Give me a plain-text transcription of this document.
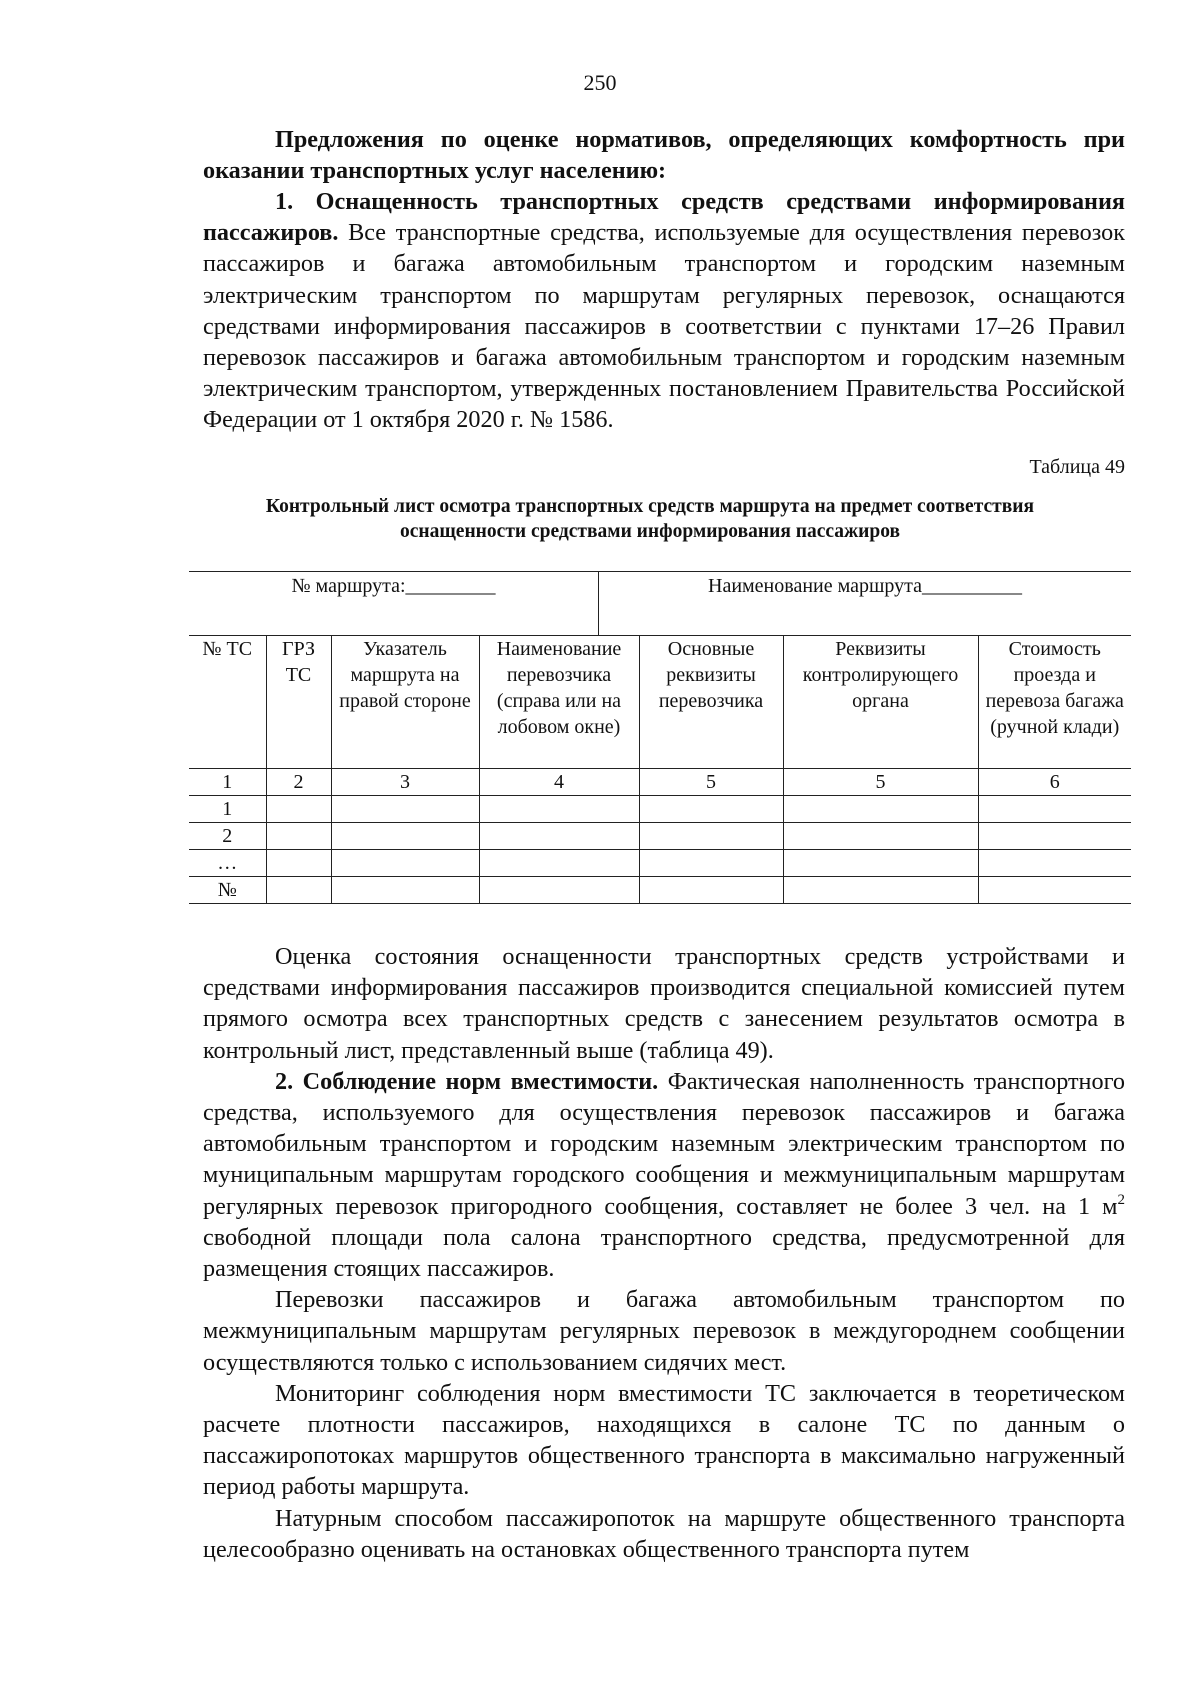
250

Предложения по оценке нормативов, определяющих комфортность при оказании транспортных услуг населению:

1. Оснащенность транспортных средств средствами информирования пассажиров. Все транспортные средства, используемые для осуществления перевозок пассажиров и багажа автомобильным транспортом и городским наземным электрическим транспортом по маршрутам регулярных перевозок, оснащаются средствами информирования пассажиров в соответствии с пунктами 17–26 Правил перевозок пассажиров и багажа автомобильным транспортом и городским наземным электрическим транспортом, утвержденных постановлением Правительства Российской Федерации от 1 октября 2020 г. № 1586.

Таблица 49
Контрольный лист осмотра транспортных средств маршрута на предмет соответствия
оснащенности средствами информирования пассажиров
№ маршрута:_________	Наименование маршрута__________
№ ТС	ГРЗ ТС	Указатель маршрута на правой стороне	Наименование перевозчика (справа или на лобовом окне)	Основные реквизиты перевозчика	Реквизиты контролирующего органа	Стоимость проезда и перевоза багажа (ручной клади)
1	2	3	4	5	5	6
1						
2						
…						
№						

Оценка состояния оснащенности транспортных средств устройствами и средствами информирования пассажиров производится специальной комиссией путем прямого осмотра всех транспортных средств с занесением результатов осмотра в контрольный лист, представленный выше (таблица 49).

2. Соблюдение норм вместимости. Фактическая наполненность транспортного средства, используемого для осуществления перевозок пассажиров и багажа автомобильным транспортом и городским наземным электрическим транспортом по муниципальным маршрутам городского сообщения и межмуниципальным маршрутам регулярных перевозок пригородного сообщения, составляет не более 3 чел. на 1 $м^2$ свободной площади пола салона транспортного средства, предусмотренной для размещения стоящих пассажиров.

Перевозки пассажиров и багажа автомобильным транспортом по межмуниципальным маршрутам регулярных перевозок в междугороднем сообщении осуществляются только с использованием сидячих мест.

Мониторинг соблюдения норм вместимости ТС заключается в теоретическом расчете плотности пассажиров, находящихся в салоне ТС по данным о пассажиропотоках маршрутов общественного транспорта в максимально нагруженный период работы маршрута.

Натурным способом пассажиропоток на маршруте общественного транспорта целесообразно оценивать на остановках общественного транспорта путем
